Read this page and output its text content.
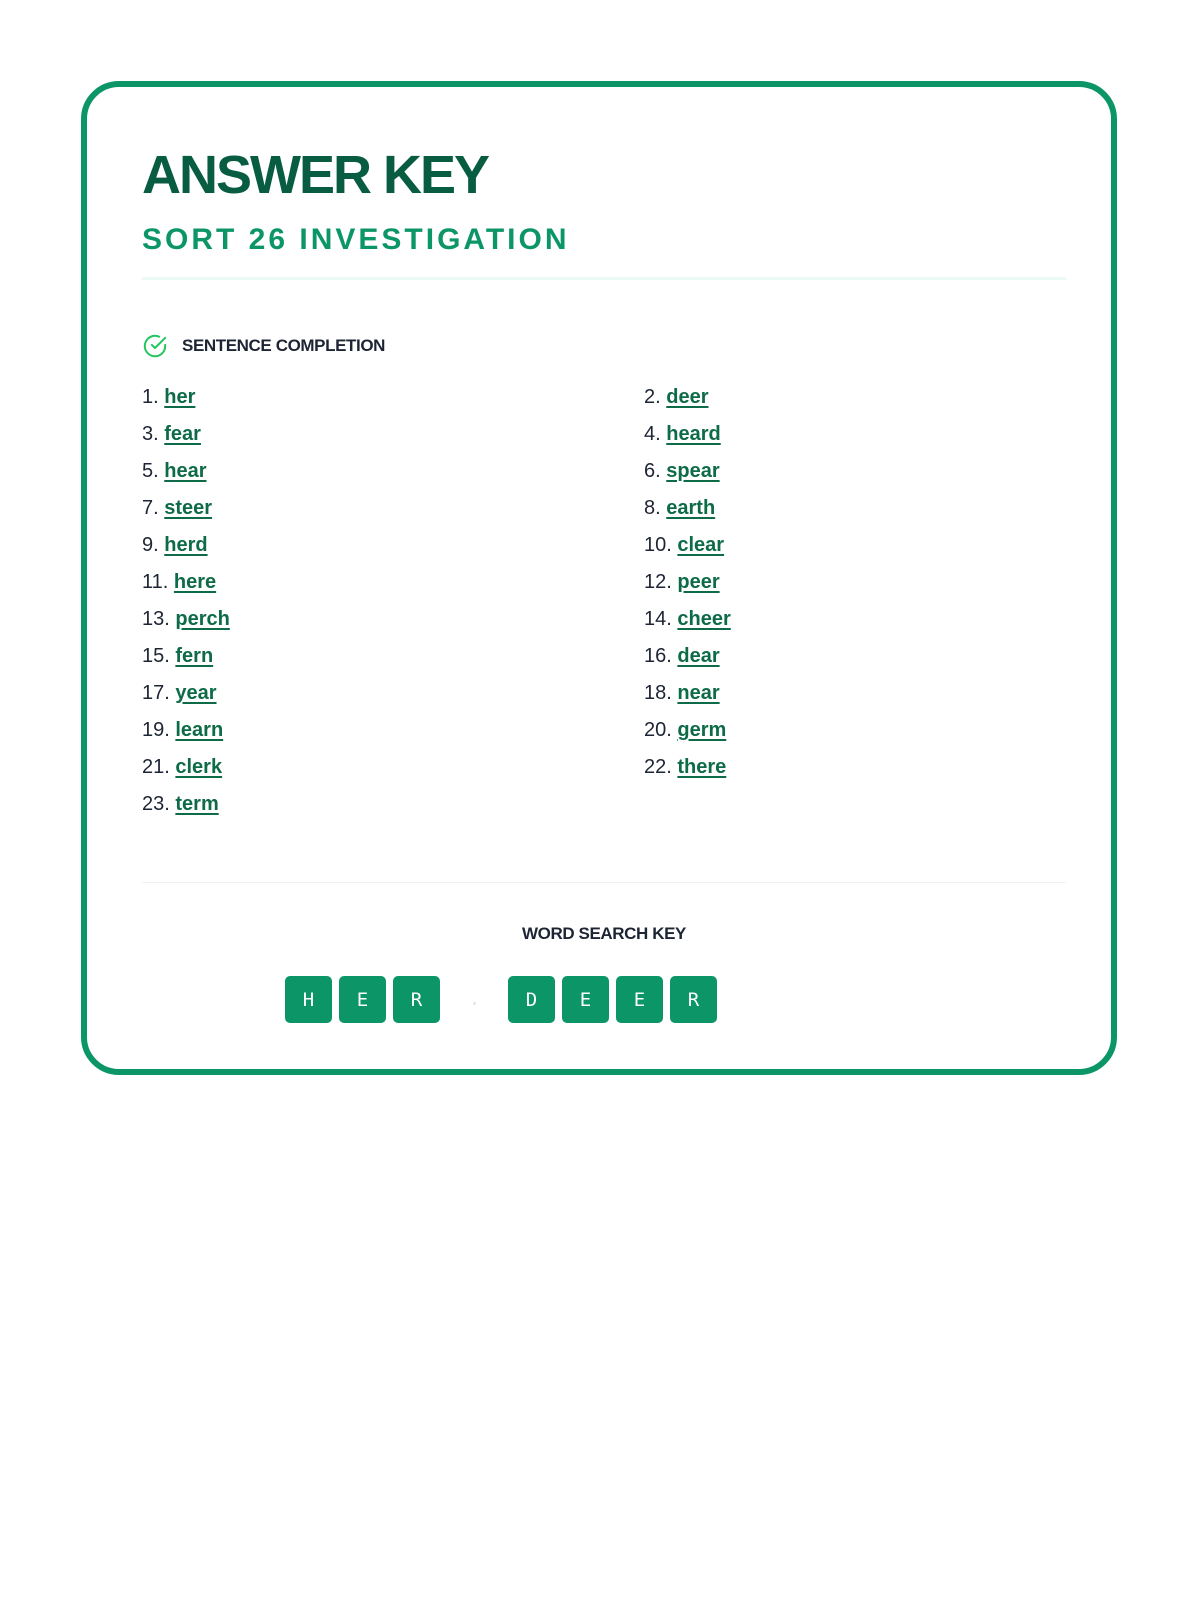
ANSWER KEY
SORT 26 INVESTIGATION
SENTENCE COMPLETION
1. her	2. deer
3. fear	4. heard
5. hear	6. spear
7. steer	8. earth
9. herd	10. clear
11. here	12. peer
13. perch	14. cheer
15. fern	16. dear
17. year	18. near
19. learn	20. germ
21. clerk	22. there
23. term
WORD SEARCH KEY
H	E	R	D	E	E	R
